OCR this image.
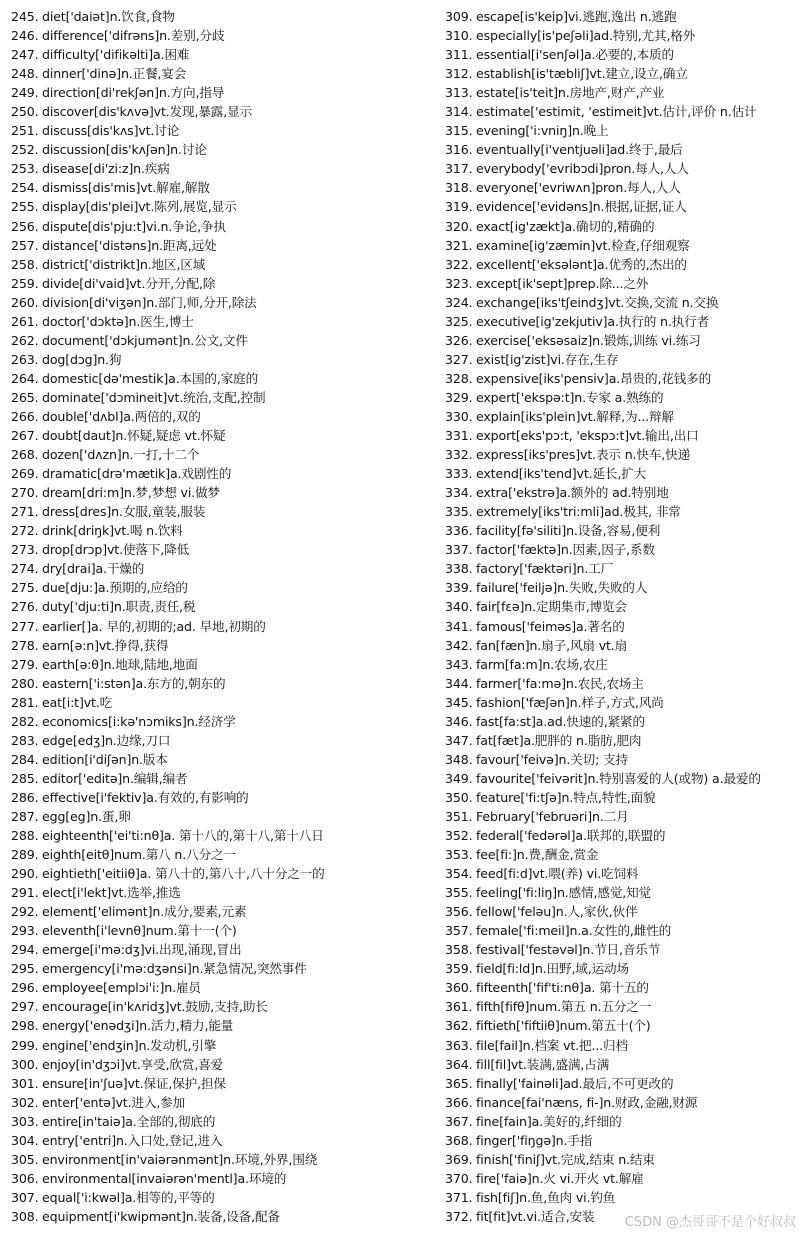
245. diet['daiət]n.饮食,食物
246. difference['difrəns]n.差别,分歧
247. difficulty['difikəlti]a.困难
248. dinner['dinə]n.正餐,宴会
249. direction[di'rekʃən]n.方向,指导
250. discover[dis'kʌvə]vt.发现,暴露,显示
251. discuss[dis'kʌs]vt.讨论
252. discussion[dis'kʌʃən]n.讨论
253. disease[di'zi:z]n.疾病
254. dismiss[dis'mis]vt.解雇,解散
255. display[dis'plei]vt.陈列,展览,显示
256. dispute[dis'pju:t]vi.n.争论,争执
257. distance['distəns]n.距离,远处
258. district['distrikt]n.地区,区域
259. divide[di'vaid]vt.分开,分配,除
260. division[di'viʒən]n.部门,师,分开,除法
261. doctor['dɔktə]n.医生,博士
262. document['dɔkjumənt]n.公文,文件
263. dog[dɔg]n.狗
264. domestic[də'mestik]a.本国的,家庭的
265. dominate['dɔmineit]vt.统治,支配,控制
266. double['dʌbl]a.两倍的,双的
267. doubt[daut]n.怀疑,疑虑 vt.怀疑
268. dozen['dʌzn]n.一打,十二个
269. dramatic[drə'mætik]a.戏剧性的
270. dream[dri:m]n.梦,梦想 vi.做梦
271. dress[dres]n.女服,童装,服装
272. drink[driŋk]vt.喝 n.饮料
273. drop[drɔp]vt.使落下,降低
274. dry[drai]a.干燥的
275. due[dju:]a.预期的,应给的
276. duty['dju:ti]n.职责,责任,税
277. earlier[]a. 早的,初期的;ad. 早地,初期的
278. earn[ə:n]vt.挣得,获得
279. earth[ə:θ]n.地球,陆地,地面
280. eastern['i:stən]a.东方的,朝东的
281. eat[i:t]vt.吃
282. economics[i:kə'nɔmiks]n.经济学
283. edge[edʒ]n.边缘,刀口
284. edition[i'diʃən]n.版本
285. editor['editə]n.编辑,编者
286. effective[i'fektiv]a.有效的,有影响的
287. egg[eg]n.蛋,卵
288. eighteenth['ei'ti:nθ]a. 第十八的,第十八,第十八日
289. eighth[eitθ]num.第八 n.八分之一
290. eightieth['eitiiθ]a. 第八十的,第八十,八十分之一的
291. elect[i'lekt]vt.选举,推选
292. element['elimənt]n.成分,要素,元素
293. eleventh[i'levnθ]num.第十一(个)
294. emerge[i'mə:dʒ]vi.出现,涌现,冒出
295. emergency[i'mə:dʒənsi]n.紧急情况,突然事件
296. employee[emplɔi'i:]n.雇员
297. encourage[in'kʌridʒ]vt.鼓励,支持,助长
298. energy['enədʒi]n.活力,精力,能量
299. engine['endʒin]n.发动机,引擎
300. enjoy[in'dʒɔi]vt.享受,欣赏,喜爱
301. ensure[in'ʃuə]vt.保证,保护,担保
302. enter['entə]vt.进入,参加
303. entire[in'taiə]a.全部的,彻底的
304. entry['entri]n.入口处,登记,进入
305. environment[in'vaiərənmənt]n.环境,外界,围绕
306. environmental[invaiərən'mentl]a.环境的
307. equal['i:kwəl]a.相等的,平等的
308. equipment[i'kwipmənt]n.装备,设备,配备
309. escape[is'keip]vi.逃跑,逸出 n.逃跑
310. especially[is'peʃəli]ad.特别,尤其,格外
311. essential[i'senʃəl]a.必要的,本质的
312. establish[is'tæbliʃ]vt.建立,设立,确立
313. estate[is'teit]n.房地产,财产,产业
314. estimate['estimit, 'estimeit]vt.估计,评价 n.估计
315. evening['i:vniŋ]n.晚上
316. eventually[i'ventjuəli]ad.终于,最后
317. everybody['evribɔdi]pron.每人,人人
318. everyone['evriwʌn]pron.每人,人人
319. evidence['evidəns]n.根据,证据,证人
320. exact[ig'zækt]a.确切的,精确的
321. examine[ig'zæmin]vt.检查,仔细观察
322. excellent['eksələnt]a.优秀的,杰出的
323. except[ik'sept]prep.除...之外
324. exchange[iks'tʃeindʒ]vt.交换,交流 n.交换
325. executive[ig'zekjutiv]a.执行的 n.执行者
326. exercise['eksəsaiz]n.锻炼,训练 vi.练习
327. exist[ig'zist]vi.存在,生存
328. expensive[iks'pensiv]a.昂贵的,花钱多的
329. expert['ekspə:t]n.专家 a.熟练的
330. explain[iks'plein]vt.解释,为...辩解
331. export[eks'pɔ:t, 'ekspɔ:t]vt.输出,出口
332. express[iks'pres]vt.表示 n.快车,快递
333. extend[iks'tend]vt.延长,扩大
334. extra['ekstrə]a.额外的 ad.特别地
335. extremely[iks'tri:mli]ad.极其, 非常
336. facility[fə'siliti]n.设备,容易,便利
337. factor['fæktə]n.因素,因子,系数
338. factory['fæktəri]n.工厂
339. failure['feiljə]n.失败,失败的人
340. fair[fɛə]n.定期集市,博览会
341. famous['feiməs]a.著名的
342. fan[fæn]n.扇子,风扇 vt.扇
343. farm[fa:m]n.农场,农庄
344. farmer['fa:mə]n.农民,农场主
345. fashion['fæʃən]n.样子,方式,风尚
346. fast[fa:st]a.ad.快速的,紧紧的
347. fat[fæt]a.肥胖的 n.脂肪,肥肉
348. favour['feivə]n.关切; 支持
349. favourite['feivərit]n.特别喜爱的人(或物) a.最爱的
350. feature['fi:tʃə]n.特点,特性,面貌
351. February['februəri]n.二月
352. federal['fedərəl]a.联邦的,联盟的
353. fee[fi:]n.费,酬金,赏金
354. feed[fi:d]vt.喂(养) vi.吃饲料
355. feeling['fi:liŋ]n.感情,感觉,知觉
356. fellow['feləu]n.人,家伙,伙伴
357. female['fi:meil]n.a.女性的,雌性的
358. festival['festəvəl]n.节日,音乐节
359. field[fi:ld]n.田野,域,运动场
360. fifteenth['fif'ti:nθ]a. 第十五的
361. fifth[fifθ]num.第五 n.五分之一
362. fiftieth['fiftiiθ]num.第五十(个)
363. file[fail]n.档案 vt.把...归档
364. fill[fil]vt.装满,盛满,占满
365. finally['fainəli]ad.最后,不可更改的
366. finance[fai'næns, fi-]n.财政,金融,财源
367. fine[fain]a.美好的,纤细的
368. finger['fiŋgə]n.手指
369. finish['finiʃ]vt.完成,结束 n.结束
370. fire['faiə]n.火 vi.开火 vt.解雇
371. fish[fiʃ]n.鱼,鱼肉 vi.钓鱼
372. fit[fit]vt.vi.适合,安装	CSDN @杰哥哥不是个好叔叔
